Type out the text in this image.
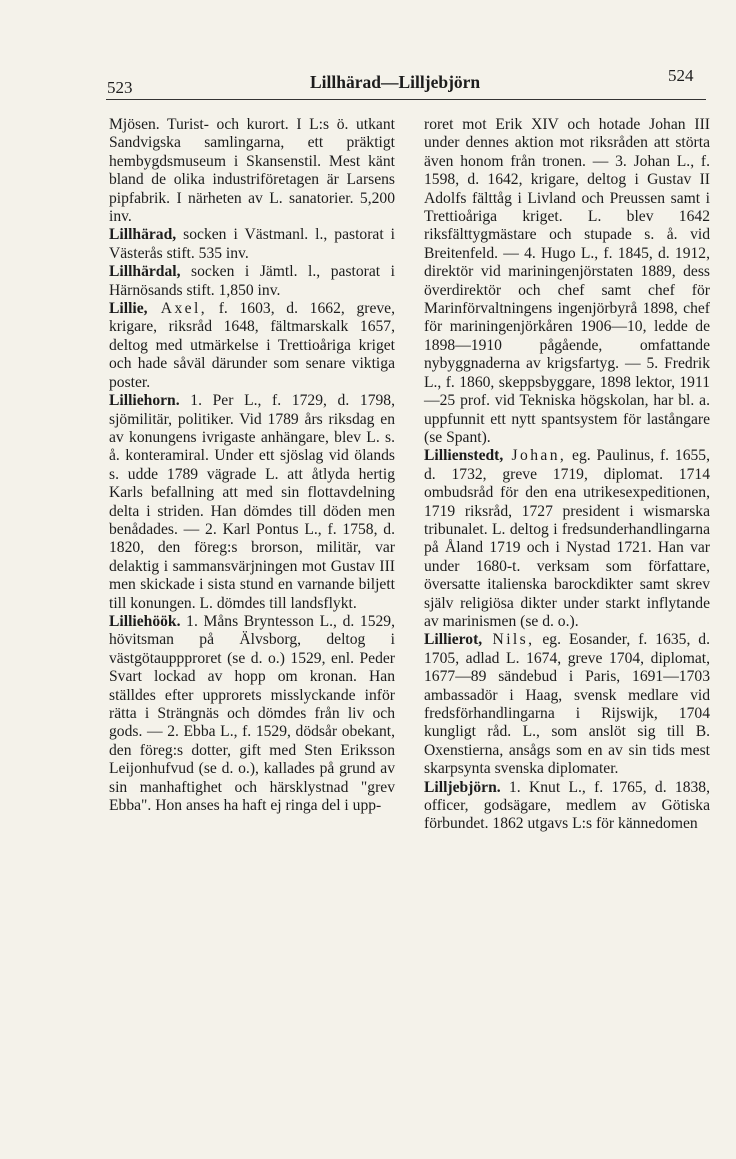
523	Lillhärad—Lilljebjörn	524

Mjösen. Turist- och kurort. I L:s ö. utkant Sandvigska samlingarna, ett präktigt hembygdsmuseum i Skansenstil. Mest känt bland de olika industriföretagen är Larsens pipfabrik. I närheten av L. sanatorier. 5,200 inv.

Lillhärad, socken i Västmanl. l., pastorat i Västerås stift. 535 inv.

Lillhärdal, socken i Jämtl. l., pastorat i Härnösands stift. 1,850 inv.

Lillie, Axel, f. 1603, d. 1662, greve, krigare, riksråd 1648, fältmarskalk 1657, deltog med utmärkelse i Trettioåriga kriget och hade såväl därunder som senare viktiga poster.

Lilliehorn. 1. Per L., f. 1729, d. 1798, sjömilitär, politiker. Vid 1789 års riksdag en av konungens ivrigaste anhängare, blev L. s. å. konteramiral. Under ett sjöslag vid ölands s. udde 1789 vägrade L. att åtlyda hertig Karls befallning att med sin flottavdelning delta i striden. Han dömdes till döden men benådades. — 2. Karl Pontus L., f. 1758, d. 1820, den föreg:s brorson, militär, var delaktig i sammansvärjningen mot Gustav III men skickade i sista stund en varnande biljett till konungen. L. dömdes till landsflykt.

Lilliehöök. 1. Måns Bryntesson L., d. 1529, hövitsman på Älvsborg, deltog i västgötauppproret (se d. o.) 1529, enl. Peder Svart lockad av hopp om kronan. Han ställdes efter upprorets misslyckande inför rätta i Strängnäs och dömdes från liv och gods. — 2. Ebba L., f. 1529, dödsår obekant, den föreg:s dotter, gift med Sten Eriksson Leijonhufvud (se d. o.), kallades på grund av sin manhaftighet och härsklystnad "grev Ebba". Hon anses ha haft ej ringa del i upp-

roret mot Erik XIV och hotade Johan III under dennes aktion mot riksråden att störta även honom från tronen. — 3. Johan L., f. 1598, d. 1642, krigare, deltog i Gustav II Adolfs fälttåg i Livland och Preussen samt i Trettioåriga kriget. L. blev 1642 riksfälttygmästare och stupade s. å. vid Breitenfeld. — 4. Hugo L., f. 1845, d. 1912, direktör vid mariningenjörstaten 1889, dess överdirektör och chef samt chef för Marinförvaltningens ingenjörbyrå 1898, chef för mariningenjörkåren 1906—10, ledde de 1898—1910 pågående, omfattande nybyggnaderna av krigsfartyg. — 5. Fredrik L., f. 1860, skeppsbyggare, 1898 lektor, 1911—25 prof. vid Tekniska högskolan, har bl. a. uppfunnit ett nytt spantsystem för lastångare (se Spant).

Lillienstedt, Johan, eg. Paulinus, f. 1655, d. 1732, greve 1719, diplomat. 1714 ombudsråd för den ena utrikesexpeditionen, 1719 riksråd, 1727 president i wismarska tribunalet. L. deltog i fredsunderhandlingarna på Åland 1719 och i Nystad 1721. Han var under 1680-t. verksam som författare, översatte italienska barockdikter samt skrev själv religiösa dikter under starkt inflytande av marinismen (se d. o.).

Lillierot, Nils, eg. Eosander, f. 1635, d. 1705, adlad L. 1674, greve 1704, diplomat, 1677—89 sändebud i Paris, 1691—1703 ambassadör i Haag, svensk medlare vid fredsförhandlingarna i Rijswijk, 1704 kungligt råd. L., som anslöt sig till B. Oxenstierna, ansågs som en av sin tids mest skarpsynta svenska diplomater.

Lilljebjörn. 1. Knut L., f. 1765, d. 1838, officer, godsägare, medlem av Götiska förbundet. 1862 utgavs L:s för kännedomen
